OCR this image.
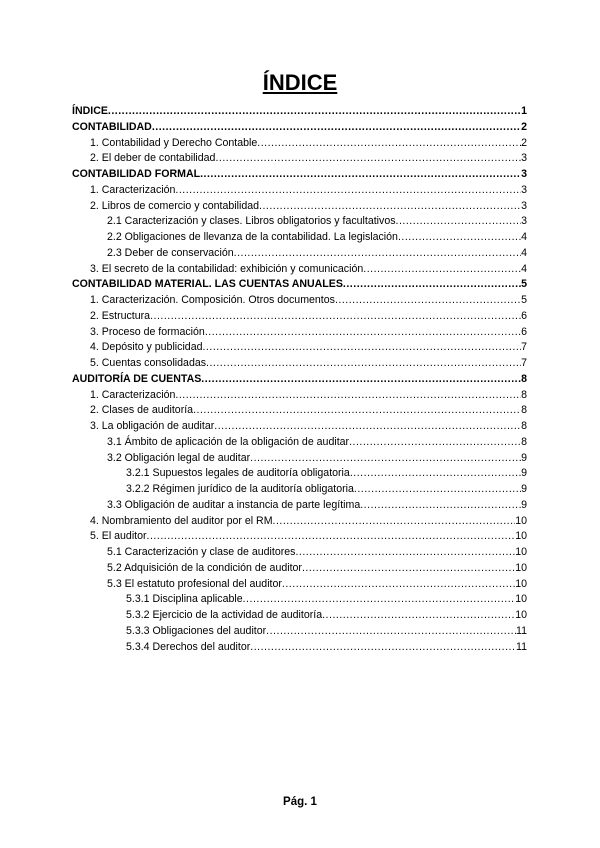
ÍNDICE
ÍNDICE .....	1
CONTABILIDAD .....	2
1. Contabilidad y Derecho Contable .....	2
2. El deber de contabilidad .....	3
CONTABILIDAD FORMAL .....	3
1. Caracterización .....	3
2. Libros de comercio y contabilidad .....	3
2.1 Caracterización y clases. Libros obligatorios y facultativos .....	3
2.2 Obligaciones de llevanza de la contabilidad. La legislación .....	4
2.3 Deber de conservación .....	4
3. El secreto de la contabilidad: exhibición y comunicación .....	4
CONTABILIDAD MATERIAL. LAS CUENTAS ANUALES .....	5
1. Caracterización. Composición. Otros documentos .....	5
2. Estructura .....	6
3. Proceso de formación .....	6
4. Depósito y publicidad .....	7
5. Cuentas consolidadas .....	7
AUDITORÍA DE CUENTAS .....	8
1. Caracterización .....	8
2. Clases de auditoría .....	8
3. La obligación de auditar .....	8
3.1 Ámbito de aplicación de la obligación de auditar .....	8
3.2 Obligación legal de auditar .....	9
3.2.1 Supuestos legales de auditoría obligatoria .....	9
3.2.2 Régimen jurídico de la auditoría obligatoria .....	9
3.3 Obligación de auditar a instancia de parte legítima .....	9
4. Nombramiento del auditor por el RM .....	10
5. El auditor .....	10
5.1 Caracterización y clase de auditores .....	10
5.2 Adquisición de la condición de auditor .....	10
5.3 El estatuto profesional del auditor .....	10
5.3.1 Disciplina aplicable .....	10
5.3.2 Ejercicio de la actividad de auditoría .....	10
5.3.3 Obligaciones del auditor .....	11
5.3.4 Derechos del auditor .....	11
Pág. 1
